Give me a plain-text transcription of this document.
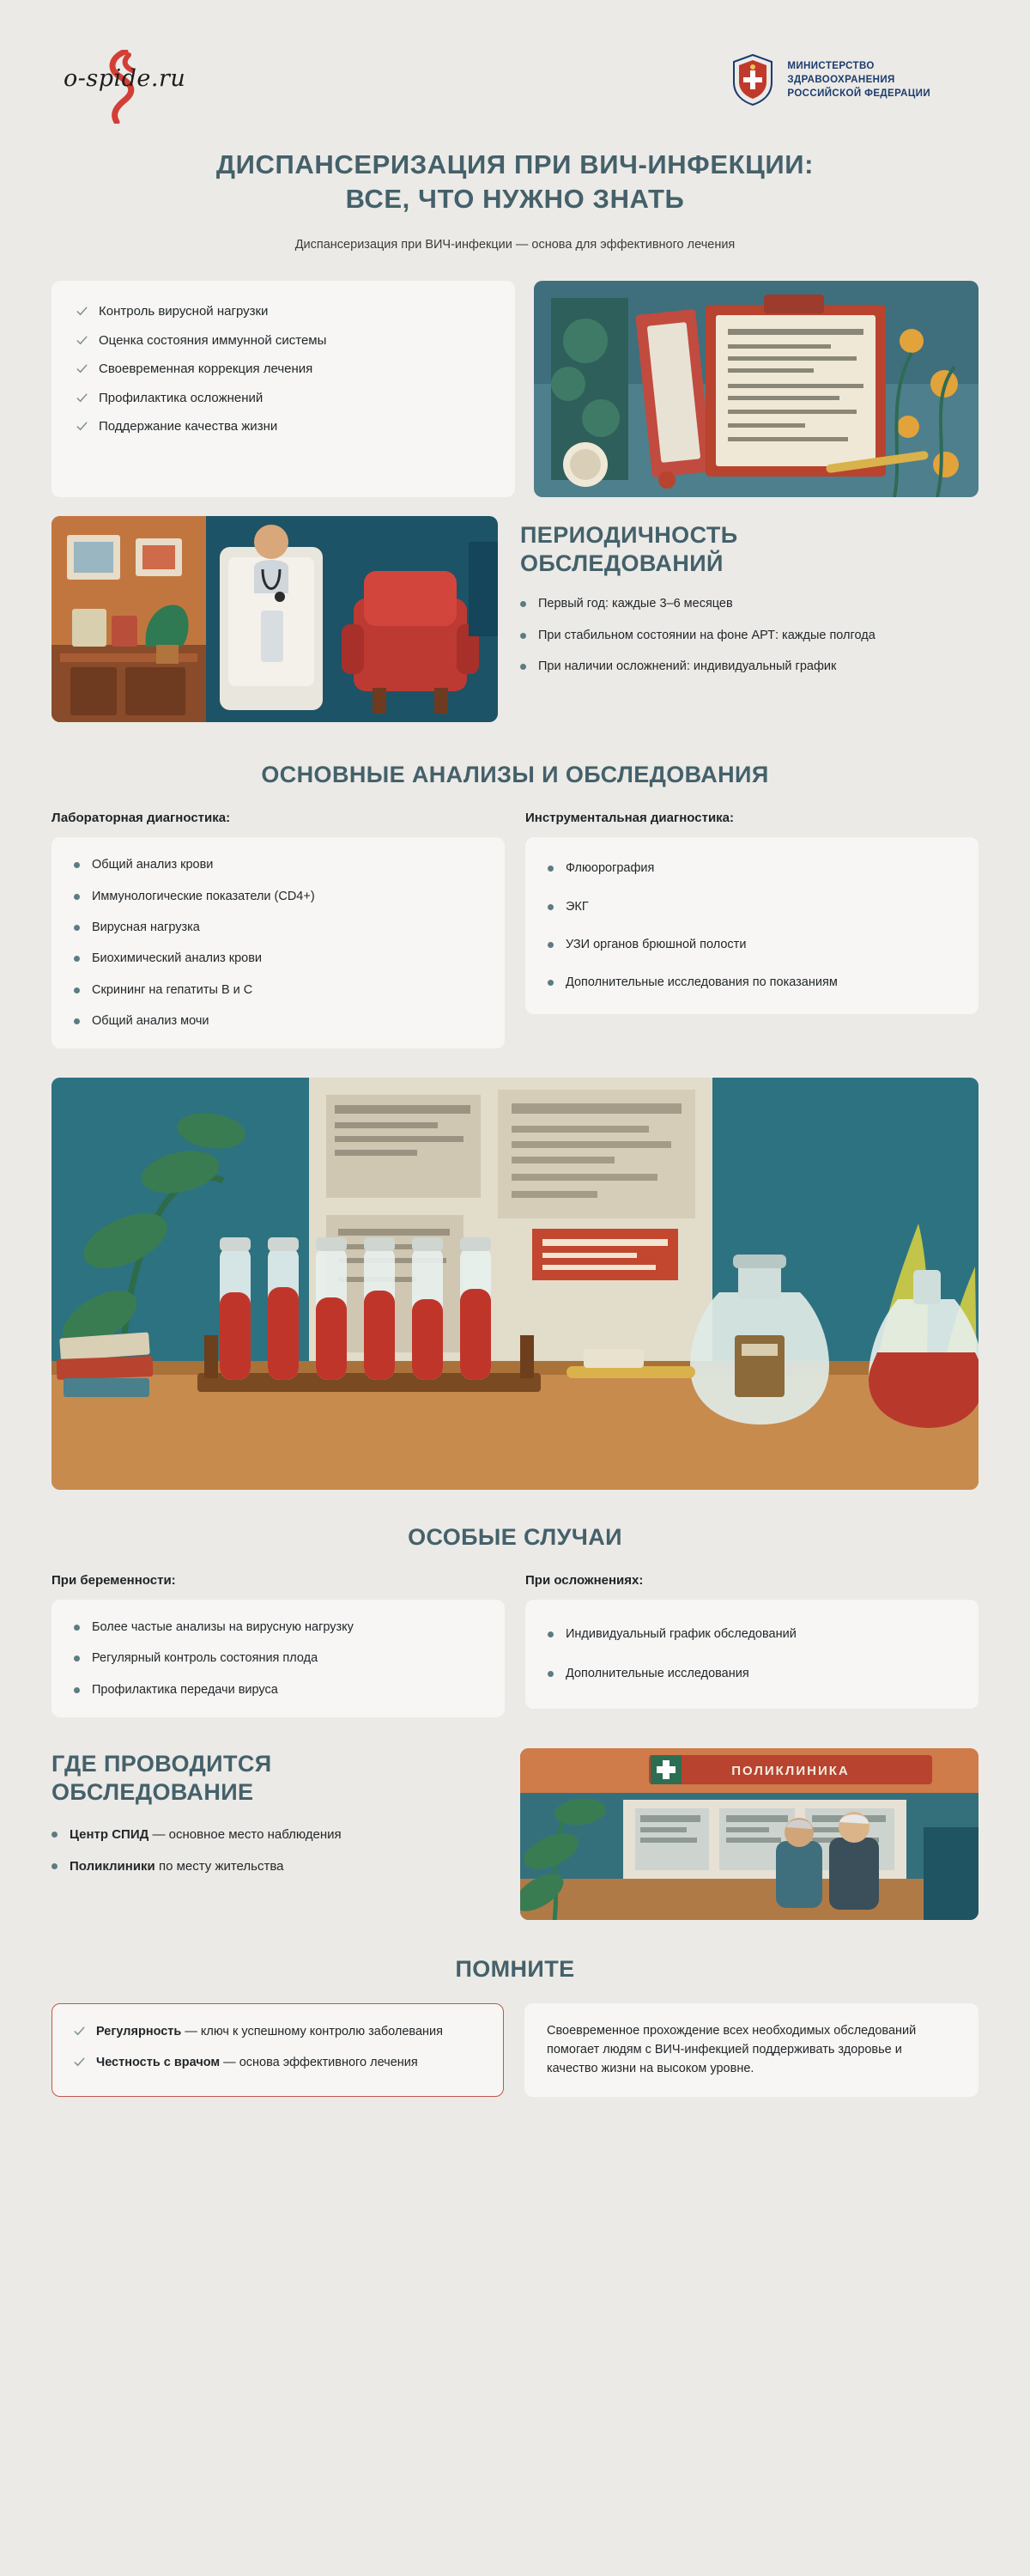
o-spide.ru	МИНИСТЕРСТВО
ЗДРАВООХРАНЕНИЯ
РОССИЙСКОЙ ФЕДЕРАЦИИ
ДИСПАНСЕРИЗАЦИЯ ПРИ ВИЧ-ИНФЕКЦИИ:
ВСЕ, ЧТО НУЖНО ЗНАТЬ
Диспансеризация при ВИЧ-инфекции — основа для эффективного лечения
Контроль вирусной нагрузки
Оценка состояния иммунной системы
Своевременная коррекция лечения
Профилактика осложнений
Поддержание качества жизни
ПЕРИОДИЧНОСТЬ
ОБСЛЕДОВАНИЙ
Первый год: каждые 3–6 месяцев
При стабильном состоянии на фоне АРТ: каждые полгода
При наличии осложнений: индивидуальный график
ОСНОВНЫЕ АНАЛИЗЫ И ОБСЛЕДОВАНИЯ
Лабораторная диагностика:
Общий анализ крови
Иммунологические показатели (CD4+)
Вирусная нагрузка
Биохимический анализ крови
Скрининг на гепатиты B и C
Общий анализ мочи
Инструментальная диагностика:
Флюорография
ЭКГ
УЗИ органов брюшной полости
Дополнительные исследования по показаниям
ОСОБЫЕ СЛУЧАИ
При беременности:
Более частые анализы на вирусную нагрузку
Регулярный контроль состояния плода
Профилактика передачи вируса
При осложнениях:
Индивидуальный график обследований
Дополнительные исследования
ГДЕ ПРОВОДИТСЯ
ОБСЛЕДОВАНИЕ
Центр СПИД — основное место наблюдения
Поликлиники по месту жительства
ПОЛИКЛИНИКА
ПОМНИТЕ
Регулярность — ключ к успешному контролю заболевания
Честность с врачом — основа эффективного лечения
Своевременное прохождение всех необходимых обследований помогает людям с ВИЧ-инфекцией поддерживать здоровье и качество жизни на высоком уровне.
